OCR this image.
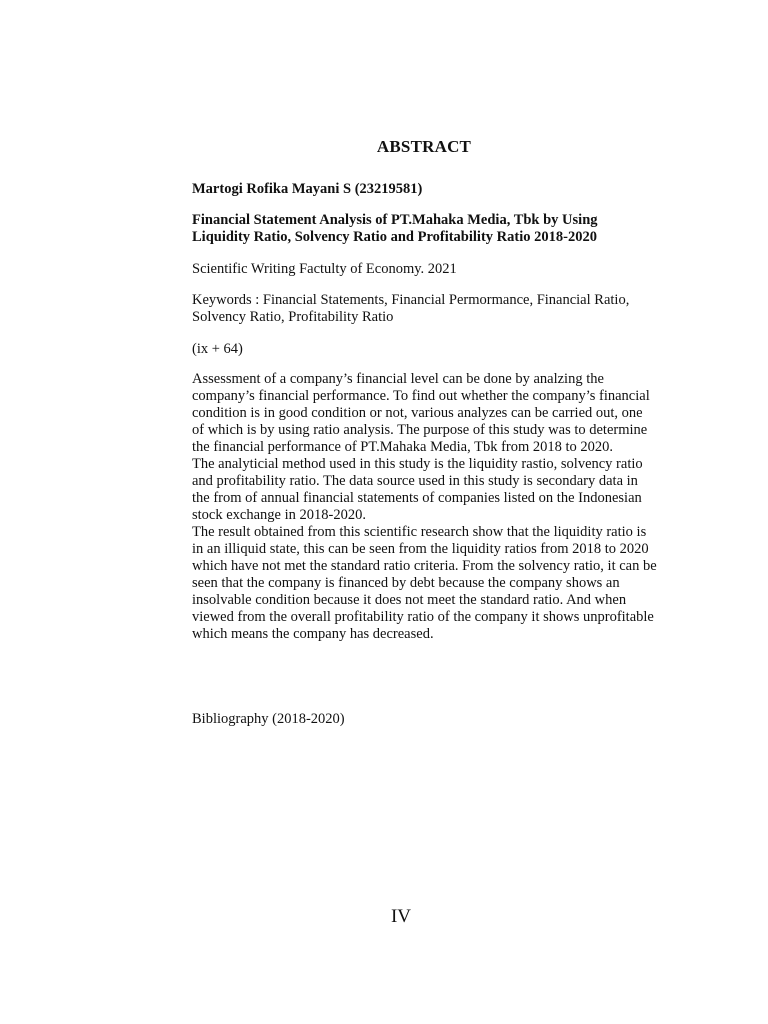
ABSTRACT

Martogi Rofika Mayani S (23219581)

Financial Statement Analysis of PT.Mahaka Media, Tbk by Using Liquidity Ratio, Solvency Ratio and Profitability Ratio 2018-2020

Scientific Writing Factulty of Economy. 2021

Keywords : Financial Statements, Financial Permormance, Financial Ratio, Solvency Ratio, Profitability Ratio

(ix + 64)

Assessment of a company’s financial level can be done by analzing the company’s financial performance. To find out whether the company’s financial condition is in good condition or not, various analyzes can be carried out, one of which is by using ratio analysis. The purpose of this study was to determine the financial performance of PT.Mahaka Media, Tbk from 2018 to 2020.

The analyticial method used in this study is the liquidity rastio, solvency ratio and profitability ratio. The data source used in this study is secondary data in the from of annual financial statements of companies listed on the Indonesian stock exchange in 2018-2020.

The result obtained from this scientific research show that the liquidity ratio is in an illiquid state, this can be seen from the liquidity ratios from 2018 to 2020 which have not met the standard ratio criteria. From the solvency ratio, it can be seen that the company is financed by debt because the company shows an insolvable condition because it does not meet the standard ratio. And when viewed from the overall profitability ratio of the company it shows unprofitable which means the company has decreased.

Bibliography (2018-2020)

IV
